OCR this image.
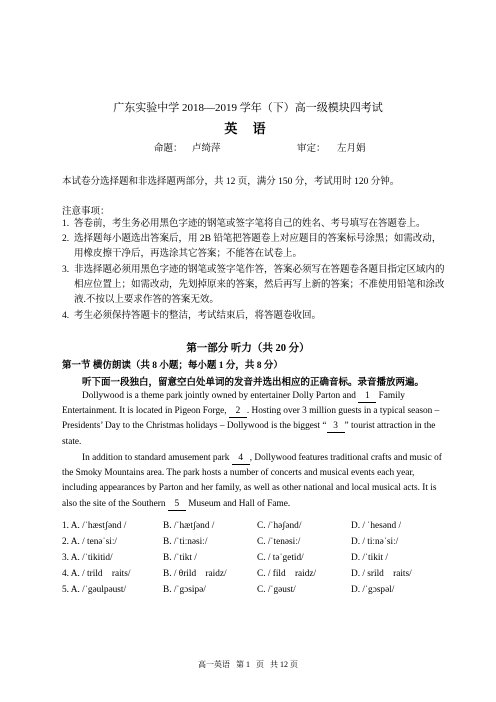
广东实验中学 2018—2019 学年（下）高一级模块四考试
英 语
命题： 卢绮萍	审定： 左月娟
本试卷分选择题和非选择题两部分，共 12 页，满分 150 分，考试用时 120 分钟。
注意事项：
1. 答卷前，考生务必用黑色字迹的钢笔或签字笔将自己的姓名、考号填写在答题卷上。
2. 选择题每小题选出答案后，用 2B 铅笔把答题卷上对应题目的答案标号涂黑；如需改动，用橡皮擦干净后，再选涂其它答案；不能答在试卷上。
3. 非选择题必须用黑色字迹的钢笔或签字笔作答，答案必须写在答题卷各题目指定区域内的相应位置上；如需改动，先划掉原来的答案，然后再写上新的答案；不准使用铅笔和涂改液.不按以上要求作答的答案无效。
4. 考生必须保持答题卡的整洁，考试结束后，将答题卷收回。
第一部分 听力（共 20 分）
第一节 横仿朗读（共 8 小题；每小题 1 分，共 8 分）
听下面一段独白，留意空白处单词的发音并选出相应的正确音标。录音播放两遍。
Dollywood is a theme park jointly owned by entertainer Dolly Parton and 1 Family Entertainment. It is located in Pigeon Forge, 2 . Hosting over 3 million guests in a typical season – Presidents’ Day to the Christmas holidays – Dollywood is the biggest “ 3 ” tourist attraction in the state.
In addition to standard amusement park 4 , Dollywood features traditional crafts and music of the Smoky Mountains area. The park hosts a number of concerts and musical events each year, including appearances by Parton and her family, as well as other national and local musical acts. It is also the site of the Southern 5 Museum and Hall of Fame.
1. A. /ˈhæstʃənd /	B. /ˈhætʃənd /	C. /ˈhəʃənd/	D. / ˈhesənd /
2. A. / tenəˈsiː/	B. /ˈtiːnəsiː/	C. /ˈtenəsiː/	D. / tiːnəˈsiː/
3. A. /ˈtikitid/	B. /ˈtikt /	C. / təˈgetid/	D. /ˈtikit /
4. A. / trild    raits/	B. / θrild    raidz/	C. / fild    raidz/	D. / srild    raits/
5. A. /ˈgəulpəust/	B. /ˈgɔsipə/	C. /ˈgəust/	D. /ˈgɔspəl/
高一英语   第 1   页   共 12 页
